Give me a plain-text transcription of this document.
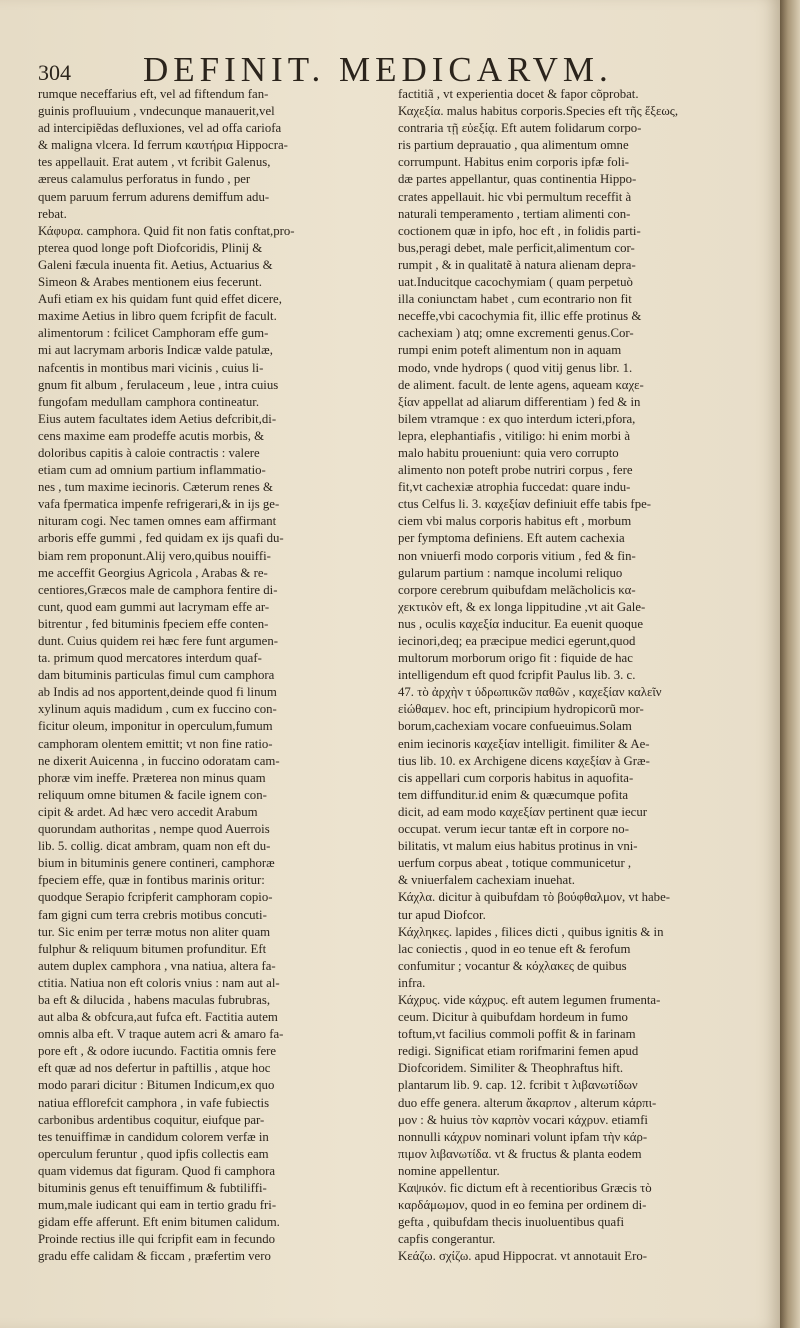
304 DEFINIT. MEDICARVM.
rumque neceffarius eft, vel ad fiftendum fan-
guinis profluuium , vndecunque manauerit,vel
ad intercipiẽdas defluxiones, vel ad offa cariofa
& maligna vlcera. Id ferrum καυτήρια Hippocra-
tes appellauit. Erat autem , vt fcribit Galenus,
æreus calamulus perforatus in fundo , per
quem paruum ferrum adurens demiffum adu-
rebat.
Κάφυρα. camphora. Quid fit non fatis conftat,pro-
pterea quod longe poft Diofcoridis, Plinij &
Galeni fæcula inuenta fit. Aetius, Actuarius &
Simeon & Arabes mentionem eius fecerunt.
Aufi etiam ex his quidam funt quid effet dicere,
maxime Aetius in libro quem fcripfit de facult.
alimentorum : fcilicet Camphoram effe gum-
mi aut lacrymam arboris Indicæ valde patulæ,
nafcentis in montibus mari vicinis , cuius li-
gnum fit album , ferulaceum , leue , intra cuius
fungofam medullam camphora contineatur.
Eius autem facultates idem Aetius defcribit,di-
cens maxime eam prodeffe acutis morbis, &
doloribus capitis à caloie contractis : valere
etiam cum ad omnium partium inflammatio-
nes , tum maxime iecinoris. Cæterum renes &
vafa fpermatica impenfe refrigerari,& in ijs ge-
nituram cogi. Nec tamen omnes eam affirmant
arboris effe gummi , fed quidam ex ijs quafi du-
biam rem proponunt.Alij vero,quibus nouiffi-
me acceffit Georgius Agricola , Arabas & re-
centiores,Græcos male de camphora fentire di-
cunt, quod eam gummi aut lacrymam effe ar-
bitrentur , fed bituminis fpeciem effe conten-
dunt. Cuius quidem rei hæc fere funt argumen-
ta. primum quod mercatores interdum quaf-
dam bituminis particulas fimul cum camphora
ab Indis ad nos apportent,deinde quod fi linum
xylinum aquis madidum , cum ex fuccino con-
ficitur oleum, imponitur in operculum,fumum
camphoram olentem emittit; vt non fine ratio-
ne dixerit Auicenna , in fuccino odoratam cam-
phoræ vim ineffe. Præterea non minus quam
reliquum omne bitumen & facile ignem con-
cipit & ardet. Ad hæc vero accedit Arabum
quorundam authoritas , nempe quod Auerrois
lib. 5. collig. dicat ambram, quam non eft du-
bium in bituminis genere contineri, camphoræ
fpeciem effe, quæ in fontibus marinis oritur:
quodque Serapio fcripferit camphoram copio-
fam gigni cum terra crebris motibus concuti-
tur. Sic enim per terræ motus non aliter quam
fulphur & reliquum bitumen profunditur. Eft
autem duplex camphora , vna natiua, altera fa-
ctitia. Natiua non eft coloris vnius : nam aut al-
ba eft & dilucida , habens maculas fubrubras,
aut alba & obfcura,aut fufca eft. Factitia autem
omnis alba eft. V traque autem acri & amaro fa-
pore eft , & odore iucundo. Factitia omnis fere
eft quæ ad nos defertur in paftillis , atque hoc
modo parari dicitur : Bitumen Indicum,ex quo
natiua efflorefcit camphora , in vafe fubiectis
carbonibus ardentibus coquitur, eiufque par-
tes tenuiffimæ in candidum colorem verfæ in
operculum feruntur , quod ipfis collectis eam
quam videmus dat figuram. Quod fi camphora
bituminis genus eft tenuiffimum & fubtiliffi-
mum,male iudicant qui eam in tertio gradu fri-
gidam effe afferunt. Eft enim bitumen calidum.
Proinde rectius ille qui fcripfit eam in fecundo
gradu effe calidam & ficcam , præfertim vero
factitiã , vt experientia docet & fapor cõprobat.
Καχεξία. malus habitus corporis.Species eft τῆς ἕξεως,
contraria τῇ εὐεξίᾳ. Eft autem folidarum corpo-
ris partium deprauatio , qua alimentum omne
corrumpunt. Habitus enim corporis ipfæ foli-
dæ partes appellantur, quas continentia Hippo-
crates appellauit. hic vbi permultum receffit à
naturali temperamento , tertiam alimenti con-
coctionem quæ in ipfo, hoc eft , in folidis parti-
bus,peragi debet, male perficit,alimentum cor-
rumpit , & in qualitatẽ à natura alienam depra-
uat.Inducitque cacochymiam ( quam perpetuò
illa coniunctam habet , cum econtrario non fit
neceffe,vbi cacochymia fit, illic effe protinus &
cachexiam ) atq; omne excrementi genus.Cor-
rumpi enim poteft alimentum non in aquam
modo, vnde hydrops ( quod vitij genus libr. 1.
de aliment. facult. de lente agens, aqueam καχε-
ξίαν appellat ad aliarum differentiam ) fed & in
bilem vtramque : ex quo interdum icteri,pfora,
lepra, elephantiafis , vitiligo: hi enim morbi à
malo habitu proueniunt: quia vero corrupto
alimento non poteft probe nutriri corpus , fere
fit,vt cachexiæ atrophia fuccedat: quare indu-
ctus Celfus li. 3. καχεξίαν definiuit effe tabis fpe-
ciem vbi malus corporis habitus eft , morbum
per fymptoma definiens. Eft autem cachexia
non vniuerfi modo corporis vitium , fed & fin-
gularum partium : namque incolumi reliquo
corpore cerebrum quibufdam melãcholicis κα-
χεκτικὸν eft, & ex longa lippitudine ,vt ait Gale-
nus , oculis καχεξία inducitur. Ea euenit quoque
iecinori,deq; ea præcipue medici egerunt,quod
multorum morborum origo fit : fiquide de hac
intelligendum eft quod fcripfit Paulus lib. 3. c.
47. τὸ ἀρχὴν τ ὑδρωπικῶν παθῶν , καχεξίαν καλεῖν
εἰώθαμεν. hoc eft, principium hydropicorũ mor-
borum,cachexiam vocare confueuimus.Solam
enim iecinoris καχεξίαν intelligit. fimiliter & Ae-
tius lib. 10. ex Archigene dicens καχεξίαν à Græ-
cis appellari cum corporis habitus in aquofita-
tem diffunditur.id enim & quæcumque pofita
dicit, ad eam modo καχεξίαν pertinent quæ iecur
occupat. verum iecur tantæ eft in corpore no-
bilitatis, vt malum eius habitus protinus in vni-
uerfum corpus abeat , totique communicetur ,
& vniuerfalem cachexiam inuehat.
Κάχλα. dicitur à quibufdam τὸ βούφθαλμον, vt habe-
tur apud Diofcor.
Κάχληκες. lapides , filices dicti , quibus ignitis & in
lac coniectis , quod in eo tenue eft & ferofum
confumitur ; vocantur & κόχλακες de quibus
infra.
Κάχρυς. vide κάχρυς. eft autem legumen frumenta-
ceum. Dicitur à quibufdam hordeum in fumo
toftum,vt facilius commoli poffit & in farinam
redigi. Significat etiam rorifmarini femen apud
Diofcoridem. Similiter & Theophraftus hift.
plantarum lib. 9. cap. 12. fcribit τ λιβανωτίδων
duo effe genera. alterum ἄκαρπον , alterum κάρπι-
μον : & huius τὸν καρπὸν vocari κάχρυν. etiamfi
nonnulli κάχρυν nominari volunt ipfam τὴν κάρ-
πιμον λιβανωτίδα. vt & fructus & planta eodem
nomine appellentur.
Καψικόν. fic dictum eft à recentioribus Græcis τὸ
καρδάμωμον, quod in eo femina per ordinem di-
gefta , quibufdam thecis inuoluentibus quafi
capfis congerantur.
Κεάζω. σχίζω. apud Hippocrat. vt annotauit Ero-
